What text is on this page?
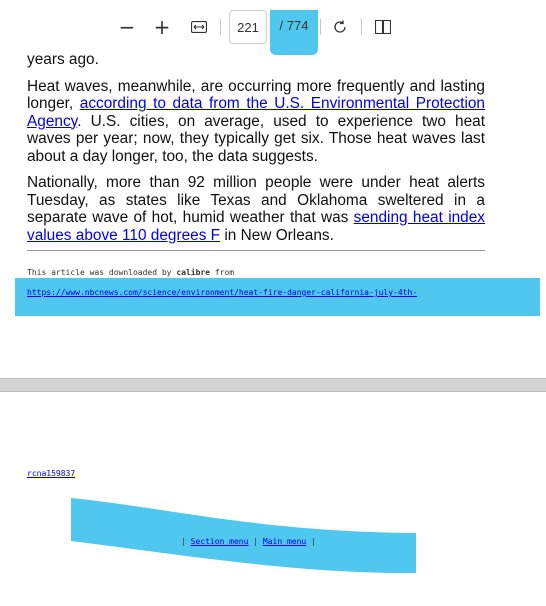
− +
221	/ 774

years ago.

Heat waves, meanwhile, are occurring more frequently and lasting longer, according to data from the U.S. Environmental Protection Agency. U.S. cities, on average, used to experience two heat waves per year; now, they typically get six. Those heat waves last about a day longer, too, the data suggests.

Nationally, more than 92 million people were under heat alerts Tuesday, as states like Texas and Oklahoma sweltered in a separate wave of hot, humid weather that was sending heat index values above 110 degrees F in New Orleans.

This article was downloaded by calibre from
https://www.nbcnews.com/science/environment/heat-fire-danger-california-july-4th-
rcna159837
| Section menu | Main menu |
